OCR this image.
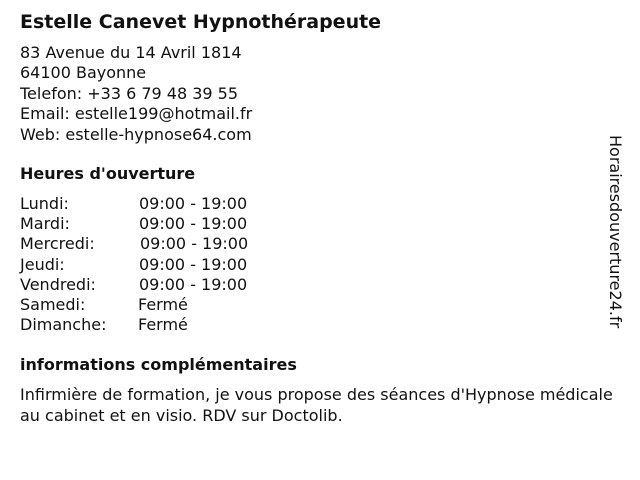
Estelle Canevet Hypnothérapeute
83 Avenue du 14 Avril 1814
64100 Bayonne
Telefon: +33 6 79 48 39 55
Email: estelle199@hotmail.fr
Web: estelle-hypnose64.com
Heures d'ouverture
Lundi:	09:00 - 19:00
Mardi:	09:00 - 19:00
Mercredi:	09:00 - 19:00
Jeudi:	09:00 - 19:00
Vendredi:	09:00 - 19:00
Samedi:	Fermé
Dimanche: Fermé
informations complémentaires
Infirmière de formation, je vous propose des séances d'Hypnose médicale au cabinet et en visio. RDV sur Doctolib.
Horairesdouverture24.fr
